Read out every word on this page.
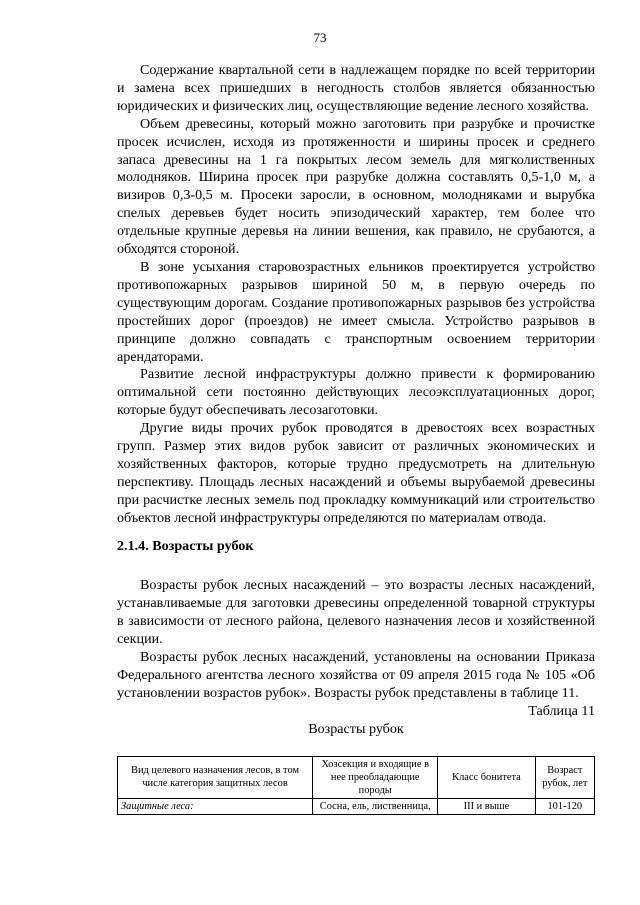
73

Содержание квартальной сети в надлежащем порядке по всей территории и замена всех пришедших в негодность столбов является обязанностью юридических и физических лиц, осуществляющие ведение лесного хозяйства.

Объем древесины, который можно заготовить при разрубке и прочистке просек исчислен, исходя из протяженности и ширины просек и среднего запаса древесины на 1 га покрытых лесом земель для мягколиственных молодняков. Ширина просек при разрубке должна составлять 0,5-1,0 м, а визиров 0,3-0,5 м. Просеки заросли, в основном, молодняками и вырубка спелых деревьев будет носить эпизодический характер, тем более что отдельные крупные деревья на линии вешения, как правило, не срубаются, а обходятся стороной.

В зоне усыхания старовозрастных ельников проектируется устройство противопожарных разрывов шириной 50 м, в первую очередь по существующим дорогам. Создание противопожарных разрывов без устройства простейших дорог (проездов) не имеет смысла. Устройство разрывов в принципе должно совпадать с транспортным освоением территории арендаторами.

Развитие лесной инфраструктуры должно привести к формированию оптимальной сети постоянно действующих лесоэксплуатационных дорог, которые будут обеспечивать лесозаготовки.

Другие виды прочих рубок проводятся в древостоях всех возрастных групп. Размер этих видов рубок зависит от различных экономических и хозяйственных факторов, которые трудно предусмотреть на длительную перспективу. Площадь лесных насаждений и объемы вырубаемой древесины при расчистке лесных земель под прокладку коммуникаций или строительство объектов лесной инфраструктуры определяются по материалам отвода.

2.1.4. Возрасты рубок

Возрасты рубок лесных насаждений – это возрасты лесных насаждений, устанавливаемые для заготовки древесины определенной товарной структуры в зависимости от лесного района, целевого назначения лесов и хозяйственной секции.

Возрасты рубок лесных насаждений, установлены на основании Приказа Федерального агентства лесного хозяйства от 09 апреля 2015 года № 105 «Об установлении возрастов рубок». Возрасты рубок представлены в таблице 11.

Таблица 11

Возрасты рубок

Вид целевого назначения лесов, в том числе категория защитных лесов	Хозсекция и входящие в нее преобладающие породы	Класс бонитета	Возраст рубок, лет
Защитные леса:	Сосна, ель, лиственница,	III и выше	101-120
